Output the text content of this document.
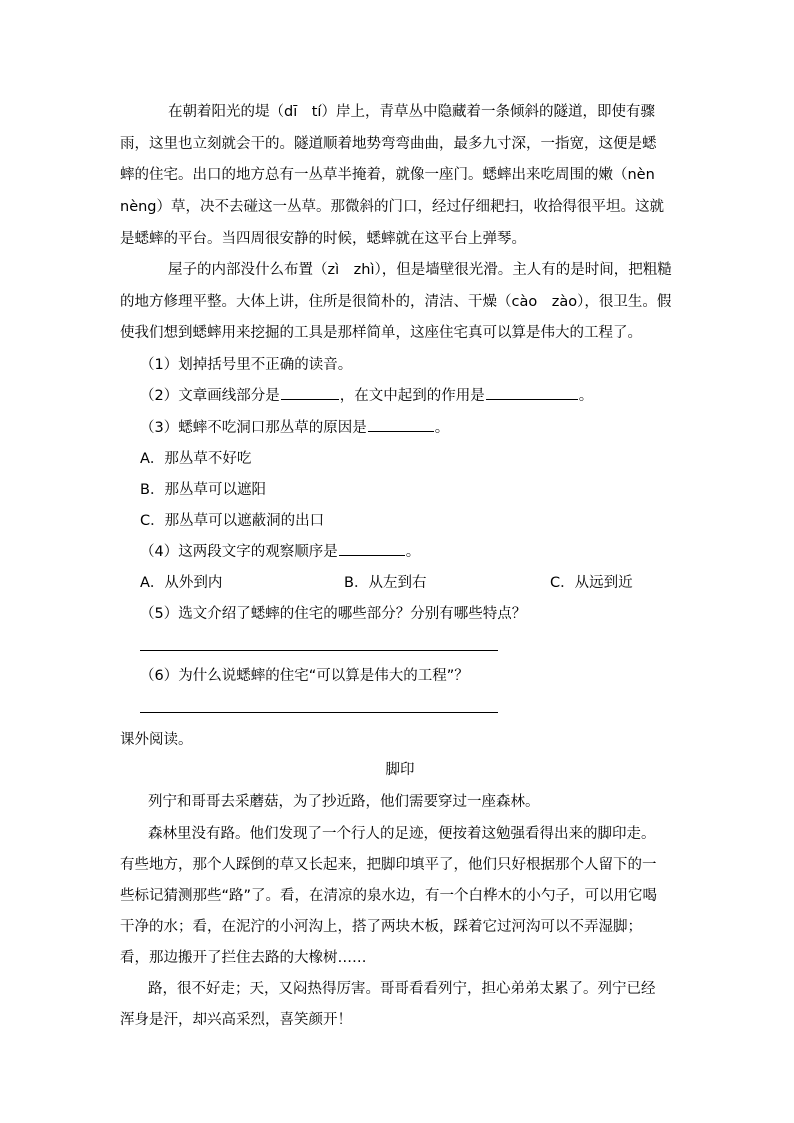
在朝着阳光的堤（dī　tí）岸上，青草丛中隐藏着一条倾斜的隧道，即使有骤
雨，这里也立刻就会干的。隧道顺着地势弯弯曲曲，最多九寸深，一指宽，这便是蟋
蟀的住宅。出口的地方总有一丛草半掩着，就像一座门。蟋蟀出来吃周围的嫩（nèn
nèng）草，决不去碰这一丛草。那微斜的门口，经过仔细耙扫，收拾得很平坦。这就
是蟋蟀的平台。当四周很安静的时候，蟋蟀就在这平台上弹琴。
屋子的内部没什么布置（zì　zhì），但是墙壁很光滑。主人有的是时间，把粗糙
的地方修理平整。大体上讲，住所是很简朴的，清洁、干燥（cào　zào），很卫生。假
使我们想到蟋蟀用来挖掘的工具是那样简单，这座住宅真可以算是伟大的工程了。
（1）划掉括号里不正确的读音。
（2）文章画线部分是	，在文中起到的作用是	。
（3）蟋蟀不吃洞口那丛草的原因是	。
A．那丛草不好吃
B．那丛草可以遮阳
C．那丛草可以遮蔽洞的出口
（4）这两段文字的观察顺序是	。
A．从外到内	B．从左到右	C．从远到近
（5）选文介绍了蟋蟀的住宅的哪些部分？分别有哪些特点？
（6）为什么说蟋蟀的住宅“可以算是伟大的工程”？
课外阅读。
脚印
列宁和哥哥去采蘑菇，为了抄近路，他们需要穿过一座森林。
森林里没有路。他们发现了一个行人的足迹，便按着这勉强看得出来的脚印走。
有些地方，那个人踩倒的草又长起来，把脚印填平了，他们只好根据那个人留下的一
些标记猜测那些“路”了。看，在清凉的泉水边，有一个白桦木的小勺子，可以用它喝
干净的水；看，在泥泞的小河沟上，搭了两块木板，踩着它过河沟可以不弄湿脚；
看，那边搬开了拦住去路的大橡树……
路，很不好走；天，又闷热得厉害。哥哥看看列宁，担心弟弟太累了。列宁已经
浑身是汗，却兴高采烈，喜笑颜开！
